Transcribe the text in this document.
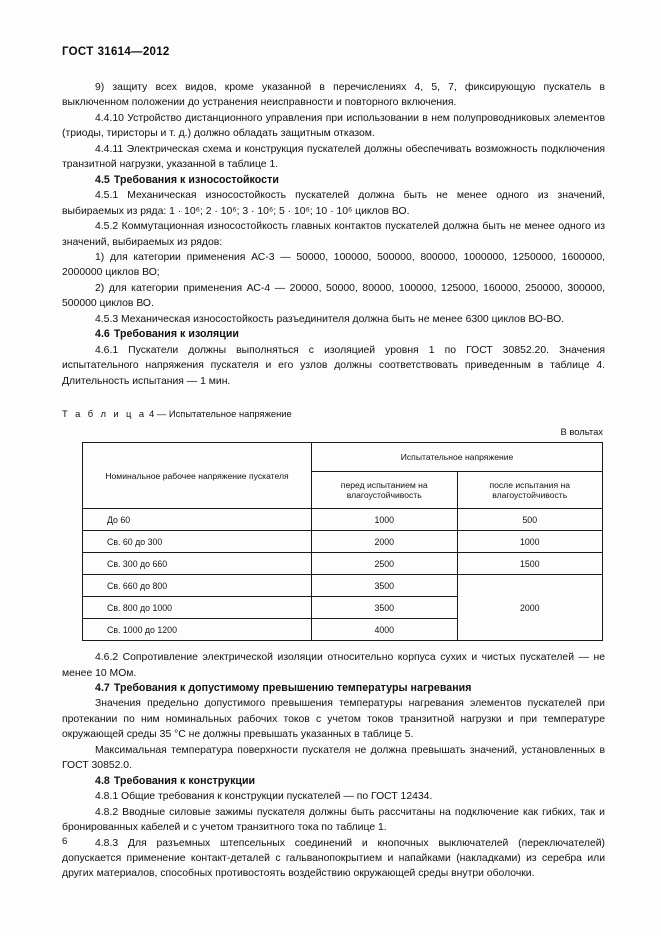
ГОСТ 31614—2012

9) защиту всех видов, кроме указанной в перечислениях 4, 5, 7, фиксирующую пускатель в выключенном положении до устранения неисправности и повторного включения.

4.4.10 Устройство дистанционного управления при использовании в нем полупроводниковых элементов (триоды, тиристоры и т. д.) должно обладать защитным отказом.

4.4.11 Электрическая схема и конструкция пускателей должны обеспечивать возможность подключения транзитной нагрузки, указанной в таблице 1.

4.5 Требования к износостойкости

4.5.1 Механическая износостойкость пускателей должна быть не менее одного из значений, выбираемых из ряда: 1 · 10⁶; 2 · 10⁶; 3 · 10⁶; 5 · 10⁶; 10 · 10⁶ циклов ВО.

4.5.2 Коммутационная износостойкость главных контактов пускателей должна быть не менее одного из значений, выбираемых из рядов:

1) для категории применения АС-3 — 50000, 100000, 500000, 800000, 1000000, 1250000, 1600000, 2000000 циклов ВО;

2) для категории применения АС-4 — 20000, 50000, 80000, 100000, 125000, 160000, 250000, 300000, 500000 циклов ВО.

4.5.3 Механическая износостойкость разъединителя должна быть не менее 6300 циклов ВО-ВО.

4.6 Требования к изоляции

4.6.1 Пускатели должны выполняться с изоляцией уровня 1 по ГОСТ 30852.20. Значения испытательного напряжения пускателя и его узлов должны соответствовать приведенным в таблице 4. Длительность испытания — 1 мин.

Т а б л и ц а 4 — Испытательное напряжение
В вольтах
Номинальное рабочее напряжение пускателя	Испытательное напряжение	
	перед испытанием на влагоустойчивость	после испытания на влагоустойчивость
До 60	1000	500
Св. 60 до 300	2000	1000
Св. 300 до 660	2500	1500
Св. 660 до 800	3500	2000
Св. 800 до 1000	3500	
Св. 1000 до 1200	4000	

4.6.2 Сопротивление электрической изоляции относительно корпуса сухих и чистых пускателей — не менее 10 МОм.

4.7 Требования к допустимому превышению температуры нагревания

Значения предельно допустимого превышения температуры нагревания элементов пускателей при протекании по ним номинальных рабочих токов с учетом токов транзитной нагрузки и при температуре окружающей среды 35 °С не должны превышать указанных в таблице 5.

Максимальная температура поверхности пускателя не должна превышать значений, установленных в ГОСТ 30852.0.

4.8 Требования к конструкции

4.8.1 Общие требования к конструкции пускателей — по ГОСТ 12434.

4.8.2 Вводные силовые зажимы пускателя должны быть рассчитаны на подключение как гибких, так и бронированных кабелей и с учетом транзитного тока по таблице 1.

4.8.3 Для разъемных штепсельных соединений и кнопочных выключателей (переключателей) допускается применение контакт-деталей с гальванопокрытием и напайками (накладками) из серебра или других материалов, способных противостоять воздействию окружающей среды внутри оболочки.

6
